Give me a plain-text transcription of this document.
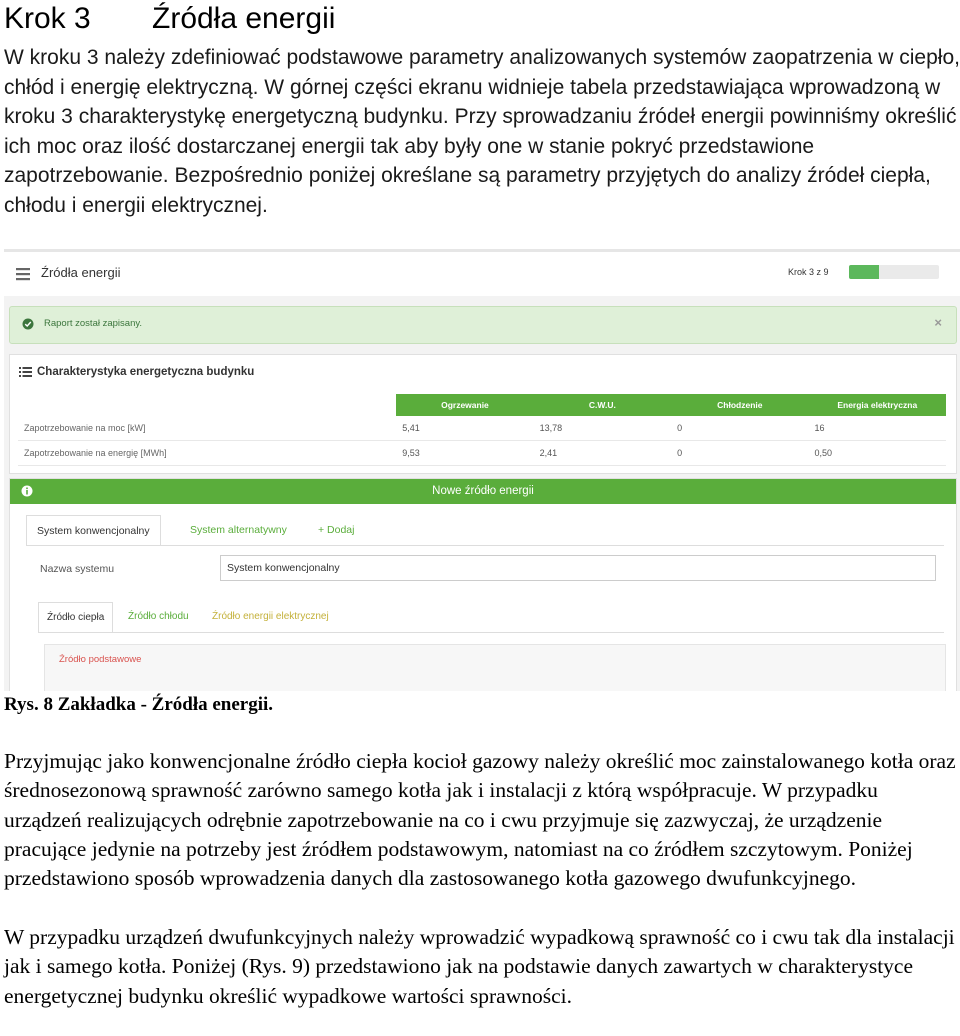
Krok 3 Źródła energii
W kroku 3 należy zdefiniować podstawowe parametry analizowanych systemów zaopatrzenia w ciepło, chłód i energię elektryczną. W górnej części ekranu widnieje tabela przedstawiająca wprowadzoną w kroku 3 charakterystykę energetyczną budynku. Przy sprowadzaniu źródeł energii powinniśmy określić ich moc oraz ilość dostarczanej energii tak aby były one w stanie pokryć przedstawione zapotrzebowanie. Bezpośrednio poniżej określane są parametry przyjętych do analizy źródeł ciepła, chłodu i energii elektrycznej.
Źródła energii	Krok 3 z 9
Raport został zapisany.	×
Charakterystyka energetyczna budynku
	Ogrzewanie	C.W.U.	Chłodzenie	Energia elektryczna
Zapotrzebowanie na moc [kW]	5,41	13,78	0	16
Zapotrzebowanie na energię [MWh]	9,53	2,41	0	0,50
Nowe źródło energii
System konwencjonalny	System alternatywny	+ Dodaj
Nazwa systemu
System konwencjonalny
Źródło ciepła	Źródło chłodu	Źródło energii elektrycznej
Źródło podstawowe
Rys. 8 Zakładka - Źródła energii.
Przyjmując jako konwencjonalne źródło ciepła kocioł gazowy należy określić moc zainstalowanego kotła oraz średnosezonową sprawność zarówno samego kotła jak i instalacji z którą współpracuje. W przypadku urządzeń realizujących odrębnie zapotrzebowanie na co i cwu przyjmuje się zazwyczaj, że urządzenie pracujące jedynie na potrzeby jest źródłem podstawowym, natomiast na co źródłem szczytowym. Poniżej przedstawiono sposób wprowadzenia danych dla zastosowanego kotła gazowego dwufunkcyjnego.
W przypadku urządzeń dwufunkcyjnych należy wprowadzić wypadkową sprawność co i cwu tak dla instalacji jak i samego kotła. Poniżej (Rys. 9) przedstawiono jak na podstawie danych zawartych w charakterystyce energetycznej budynku określić wypadkowe wartości sprawności.
